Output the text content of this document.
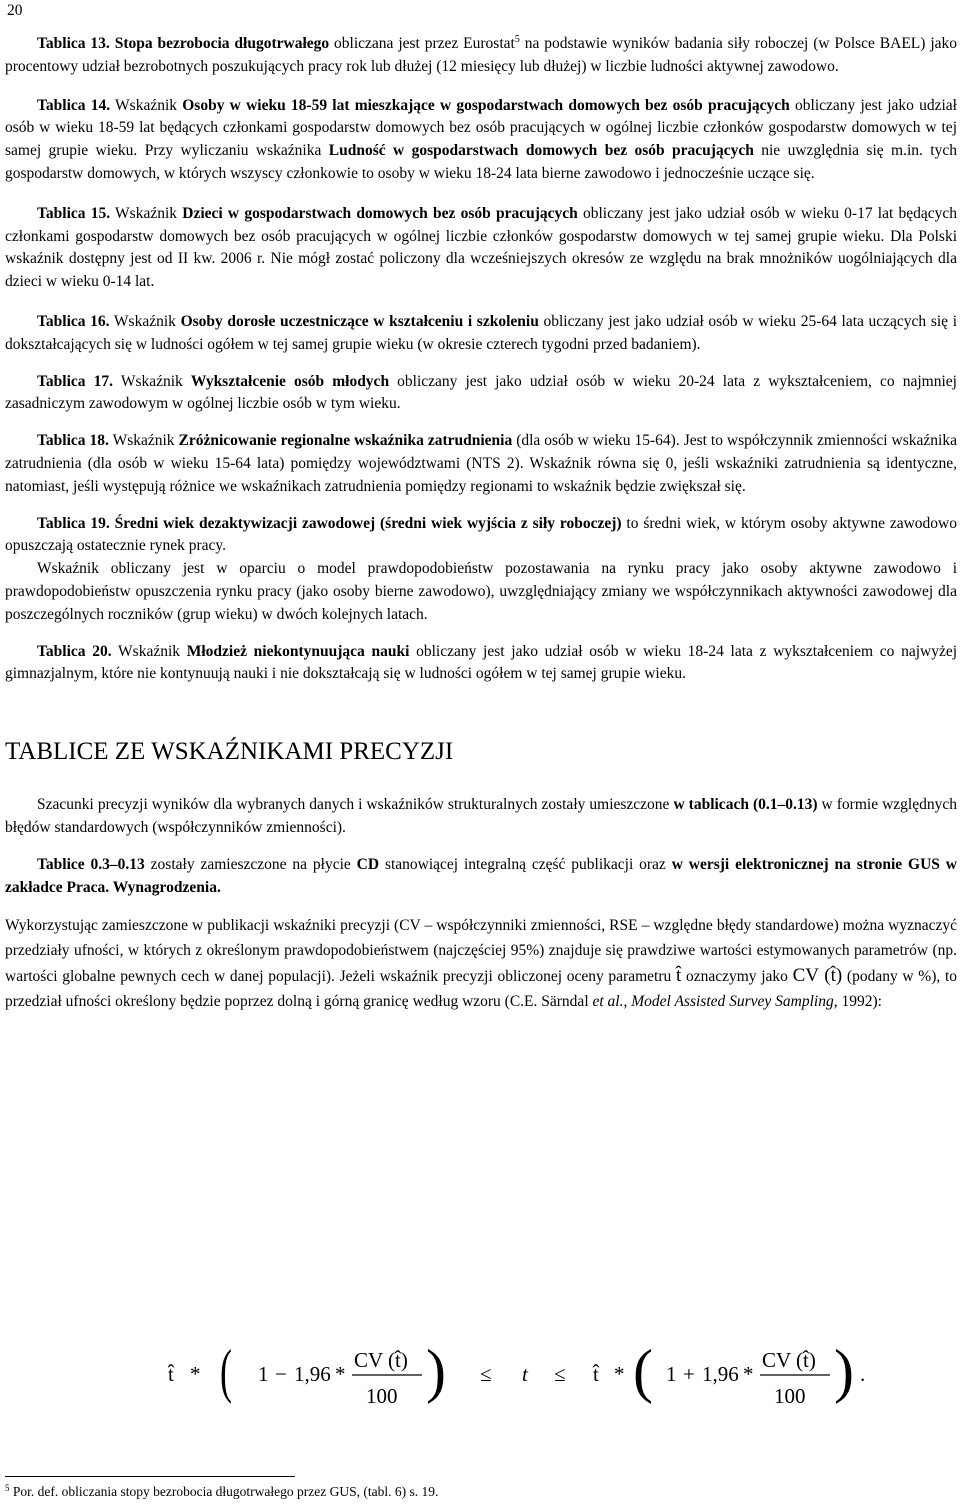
20

Tablica 13. Stopa bezrobocia długotrwałego obliczana jest przez Eurostat$^5$ na podstawie wyników badania siły roboczej (w Polsce BAEL) jako procentowy udział bezrobotnych poszukujących pracy rok lub dłużej (12 miesięcy lub dłużej) w liczbie ludności aktywnej zawodowo.

Tablica 14. Wskaźnik Osoby w wieku 18-59 lat mieszkające w gospodarstwach domowych bez osób pracujących obliczany jest jako udział osób w wieku 18-59 lat będących członkami gospodarstw domowych bez osób pracujących w ogólnej liczbie członków gospodarstw domowych w tej samej grupie wieku. Przy wyliczaniu wskaźnika Ludność w gospodarstwach domowych bez osób pracujących nie uwzględnia się m.in. tych gospodarstw domowych, w których wszyscy członkowie to osoby w wieku 18-24 lata bierne zawodowo i jednocześnie uczące się.

Tablica 15. Wskaźnik Dzieci w gospodarstwach domowych bez osób pracujących obliczany jest jako udział osób w wieku 0-17 lat będących członkami gospodarstw domowych bez osób pracujących w ogólnej liczbie członków gospodarstw domowych w tej samej grupie wieku. Dla Polski wskaźnik dostępny jest od II kw. 2006 r. Nie mógł zostać policzony dla wcześniejszych okresów ze względu na brak mnożników uogólniających dla dzieci w wieku 0-14 lat.

Tablica 16. Wskaźnik Osoby dorosłe uczestniczące w kształceniu i szkoleniu obliczany jest jako udział osób w wieku 25-64 lata uczących się i dokształcających się w ludności ogółem w tej samej grupie wieku (w okresie czterech tygodni przed badaniem).

Tablica 17. Wskaźnik Wykształcenie osób młodych obliczany jest jako udział osób w wieku 20-24 lata z wykształceniem, co najmniej zasadniczym zawodowym w ogólnej liczbie osób w tym wieku.

Tablica 18. Wskaźnik Zróżnicowanie regionalne wskaźnika zatrudnienia (dla osób w wieku 15-64). Jest to współczynnik zmienności wskaźnika zatrudnienia (dla osób w wieku 15-64 lata) pomiędzy województwami (NTS 2). Wskaźnik równa się 0, jeśli wskaźniki zatrudnienia są identyczne, natomiast, jeśli występują różnice we wskaźnikach zatrudnienia pomiędzy regionami to wskaźnik będzie zwiększał się.

Tablica 19. Średni wiek dezaktywizacji zawodowej (średni wiek wyjścia z siły roboczej) to średni wiek, w którym osoby aktywne zawodowo opuszczają ostatecznie rynek pracy.

Wskaźnik obliczany jest w oparciu o model prawdopodobieństw pozostawania na rynku pracy jako osoby aktywne zawodowo i prawdopodobieństw opuszczenia rynku pracy (jako osoby bierne zawodowo), uwzględniający zmiany we współczynnikach aktywności zawodowej dla poszczególnych roczników (grup wieku) w dwóch kolejnych latach.

Tablica 20. Wskaźnik Młodzież niekontynuująca nauki obliczany jest jako udział osób w wieku 18-24 lata z wykształceniem co najwyżej gimnazjalnym, które nie kontynuują nauki i nie dokształcają się w ludności ogółem w tej samej grupie wieku.

TABLICE ZE WSKAŹNIKAMI PRECYZJI

Szacunki precyzji wyników dla wybranych danych i wskaźników strukturalnych zostały umieszczone w tablicach (0.1–0.13) w formie względnych błędów standardowych (współczynników zmienności).

Tablice 0.3–0.13 zostały zamieszczone na płycie CD stanowiącej integralną część publikacji oraz w wersji elektronicznej na stronie GUS w zakładce Praca. Wynagrodzenia.

Wykorzystując zamieszczone w publikacji wskaźniki precyzji (CV – współczynniki zmienności, RSE – względne błędy standardowe) można wyznaczyć przedziały ufności, w których z określonym prawdopodobieństwem (najczęściej 95%) znajduje się prawdziwe wartości estymowanych parametrów (np. wartości globalne pewnych cech w danej populacji). Jeżeli wskaźnik precyzji obliczonej oceny parametru t̂ oznaczymy jako CV (t̂) (podany w %), to przedział ufności określony będzie poprzez dolną i górną granicę według wzoru (C.E. Särndal et al., Model Assisted Survey Sampling, 1992):

t̂ * ( 1 − 1,96 *
CV (t̂)
100 ) ≤ t ≤ t̂ * ( 1 + 1,96 *
CV (t̂)
100 ) .
$^5$ Por. def. obliczania stopy bezrobocia długotrwałego przez GUS, (tabl. 6) s. 19.
